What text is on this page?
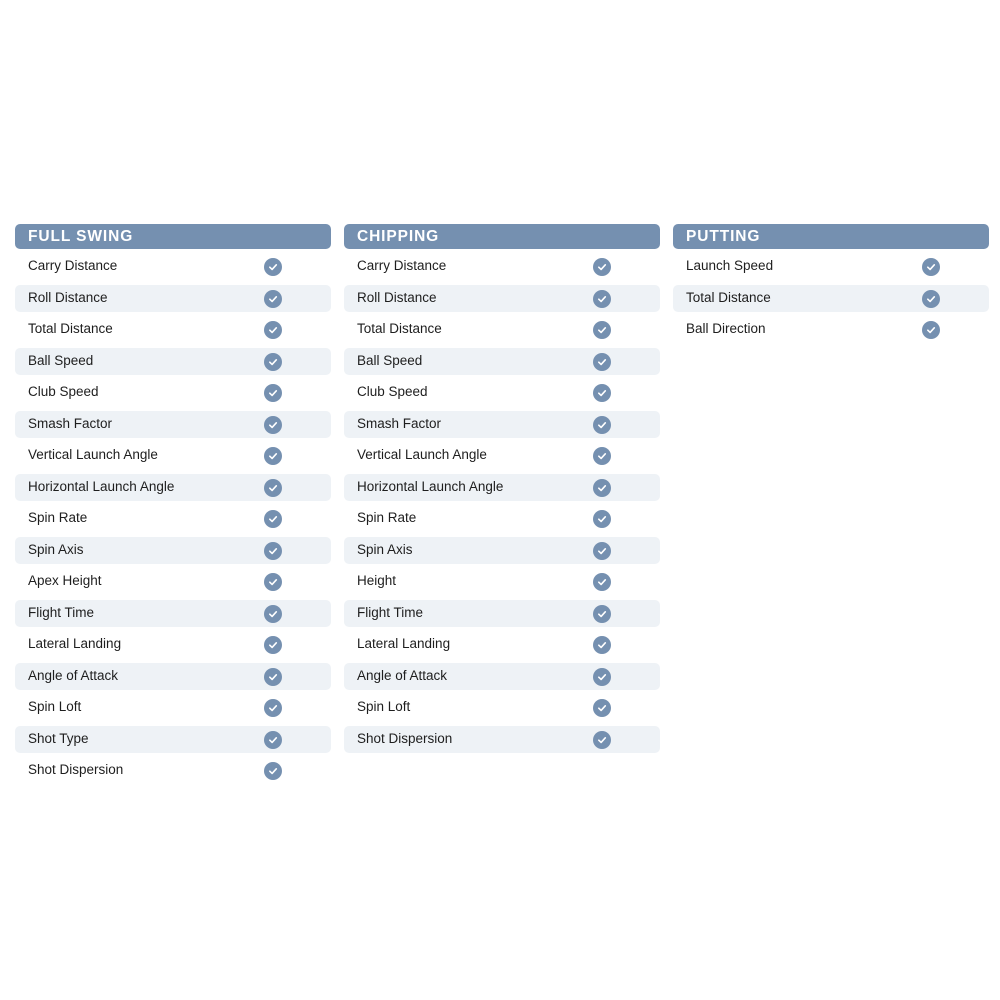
FULL SWING
Carry Distance
Roll Distance
Total Distance
Ball Speed
Club Speed
Smash Factor
Vertical Launch Angle
Horizontal Launch Angle
Spin Rate
Spin Axis
Apex Height
Flight Time
Lateral Landing
Angle of Attack
Spin Loft
Shot Type
Shot Dispersion
CHIPPING
Carry Distance
Roll Distance
Total Distance
Ball Speed
Club Speed
Smash Factor
Vertical Launch Angle
Horizontal Launch Angle
Spin Rate
Spin Axis
Height
Flight Time
Lateral Landing
Angle of Attack
Spin Loft
Shot Dispersion
PUTTING
Launch Speed
Total Distance
Ball Direction
